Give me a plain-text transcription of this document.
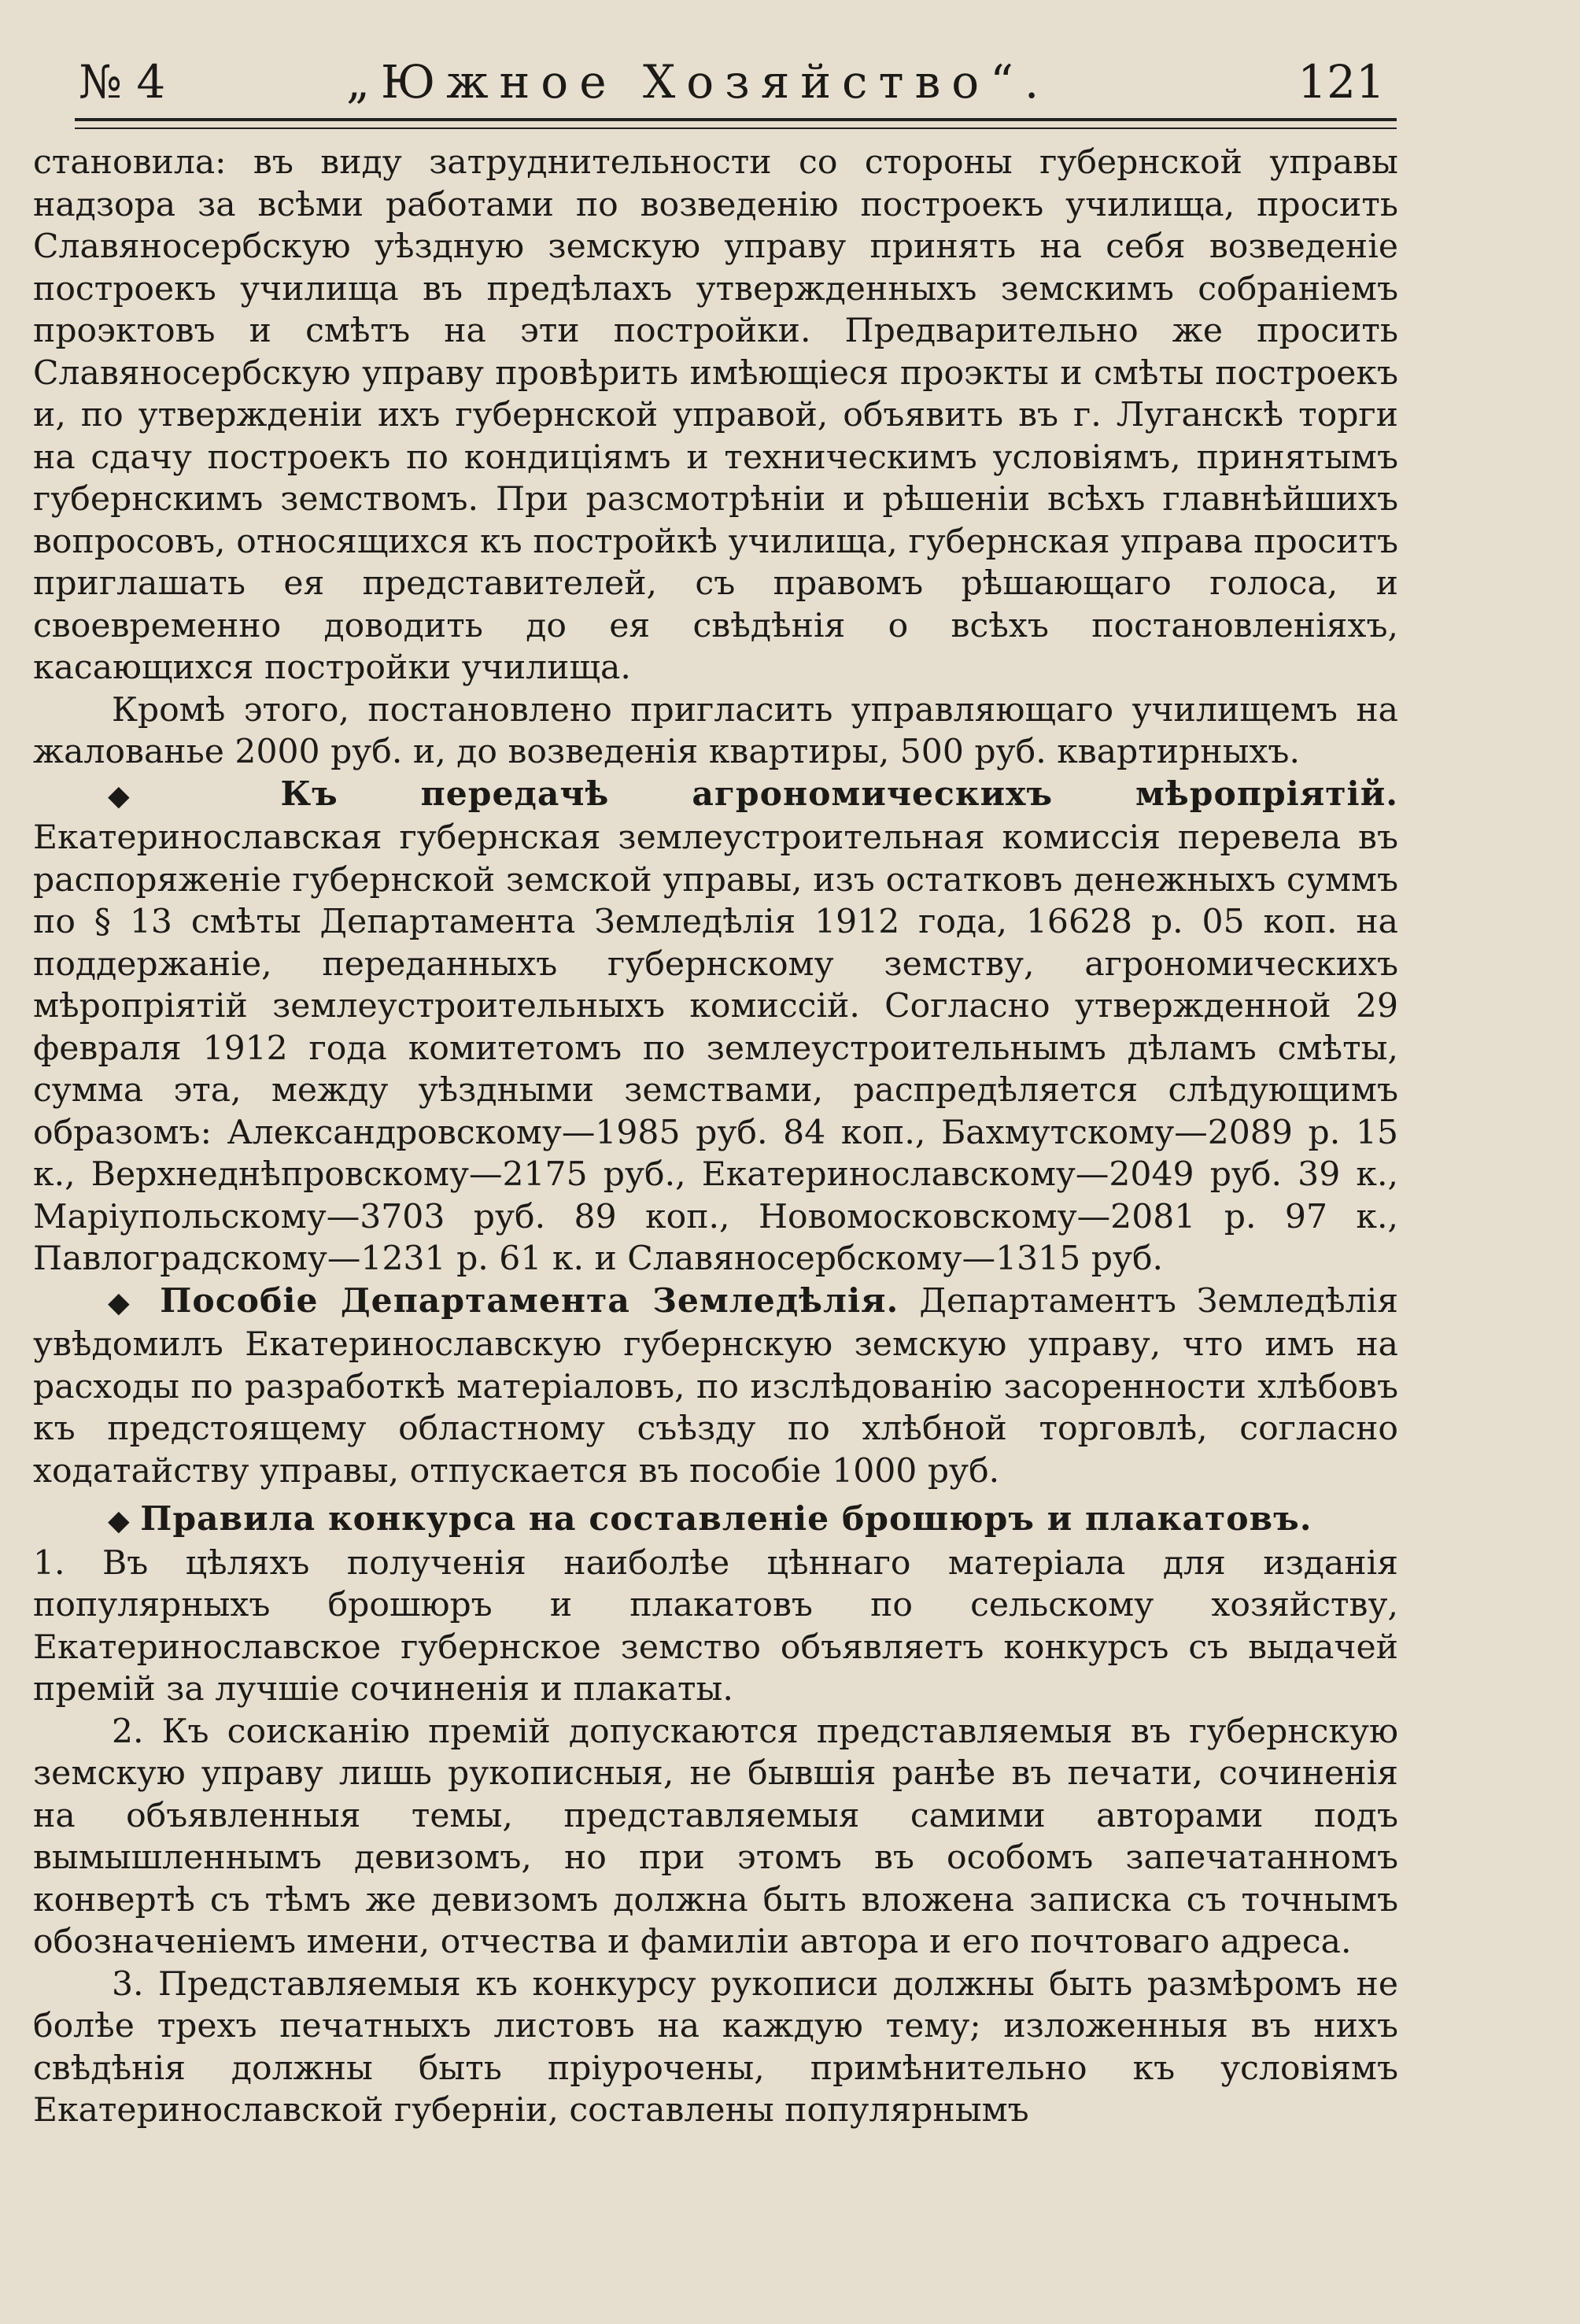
№ 4	„Южное Хозяйство“.	121

становила: въ виду затруднительности со стороны губернской управы надзора за всѣми работами по возведенію построекъ училища, просить Славяносербскую уѣздную земскую управу принять на себя возведеніе построекъ училища въ предѣлахъ утвержденныхъ земскимъ собраніемъ проэктовъ и смѣтъ на эти постройки. Предварительно же просить Славяносербскую управу провѣрить имѣющіеся проэкты и смѣты построекъ и, по утвержденіи ихъ губернской управой, объявить въ г. Луганскѣ торги на сдачу построекъ по кондиціямъ и техническимъ условіямъ, принятымъ губернскимъ земствомъ. При разсмотрѣніи и рѣшеніи всѣхъ главнѣйшихъ вопросовъ, относящихся къ постройкѣ училища, губернская управа проситъ приглашать ея представителей, съ правомъ рѣшающаго голоса, и своевременно доводить до ея свѣдѣнія о всѣхъ постановленіяхъ, касающихся постройки училища.

Кромѣ этого, постановлено пригласить управляющаго училищемъ на жалованье 2000 руб. и, до возведенія квартиры, 500 руб. квартирныхъ.

◆ Къ передачѣ агрономическихъ мѣропріятій. Екатеринославская губернская землеустроительная комиссія перевела въ распоряженіе губернской земской управы, изъ остатковъ денежныхъ суммъ по § 13 смѣты Департамента Земледѣлія 1912 года, 16628 р. 05 коп. на поддержаніе, переданныхъ губернскому земству, агрономическихъ мѣропріятій землеустроительныхъ комиссій. Согласно утвержденной 29 февраля 1912 года комитетомъ по землеустроительнымъ дѣламъ смѣты, сумма эта, между уѣздными земствами, распредѣляется слѣдующимъ образомъ: Александровскому—1985 руб. 84 коп., Бахмутскому—2089 р. 15 к., Верхнеднѣпровскому—2175 руб., Екатеринославскому—2049 руб. 39 к., Маріупольскому—3703 руб. 89 коп., Новомосковскому—2081 р. 97 к., Павлоградскому—1231 р. 61 к. и Славяносербскому—1315 руб.

◆ Пособіе Департамента Земледѣлія. Департаментъ Земледѣлія увѣдомилъ Екатеринославскую губернскую земскую управу, что имъ на расходы по разработкѣ матеріаловъ, по изслѣдованію засоренности хлѣбовъ къ предстоящему областному съѣзду по хлѣбной торговлѣ, согласно ходатайству управы, отпускается въ пособіе 1000 руб.

◆ Правила конкурса на составленіе брошюръ и плакатовъ.

1. Въ цѣляхъ полученія наиболѣе цѣннаго матеріала для изданія популярныхъ брошюръ и плакатовъ по сельскому хозяйству, Екатеринославское губернское земство объявляетъ конкурсъ съ выдачей премій за лучшіе сочиненія и плакаты.

2. Къ соисканію премій допускаются представляемыя въ губернскую земскую управу лишь рукописныя, не бывшія ранѣе въ печати, сочиненія на объявленныя темы, представляемыя самими авторами подъ вымышленнымъ девизомъ, но при этомъ въ особомъ запечатанномъ конвертѣ съ тѣмъ же девизомъ должна быть вложена записка съ точнымъ обозначеніемъ имени, отчества и фамиліи автора и его почтоваго адреса.

3. Представляемыя къ конкурсу рукописи должны быть размѣромъ не болѣе трехъ печатныхъ листовъ на каждую тему; изложенныя въ нихъ свѣдѣнія должны быть пріурочены, примѣнительно къ условіямъ Екатеринославской губерніи, составлены популярнымъ
